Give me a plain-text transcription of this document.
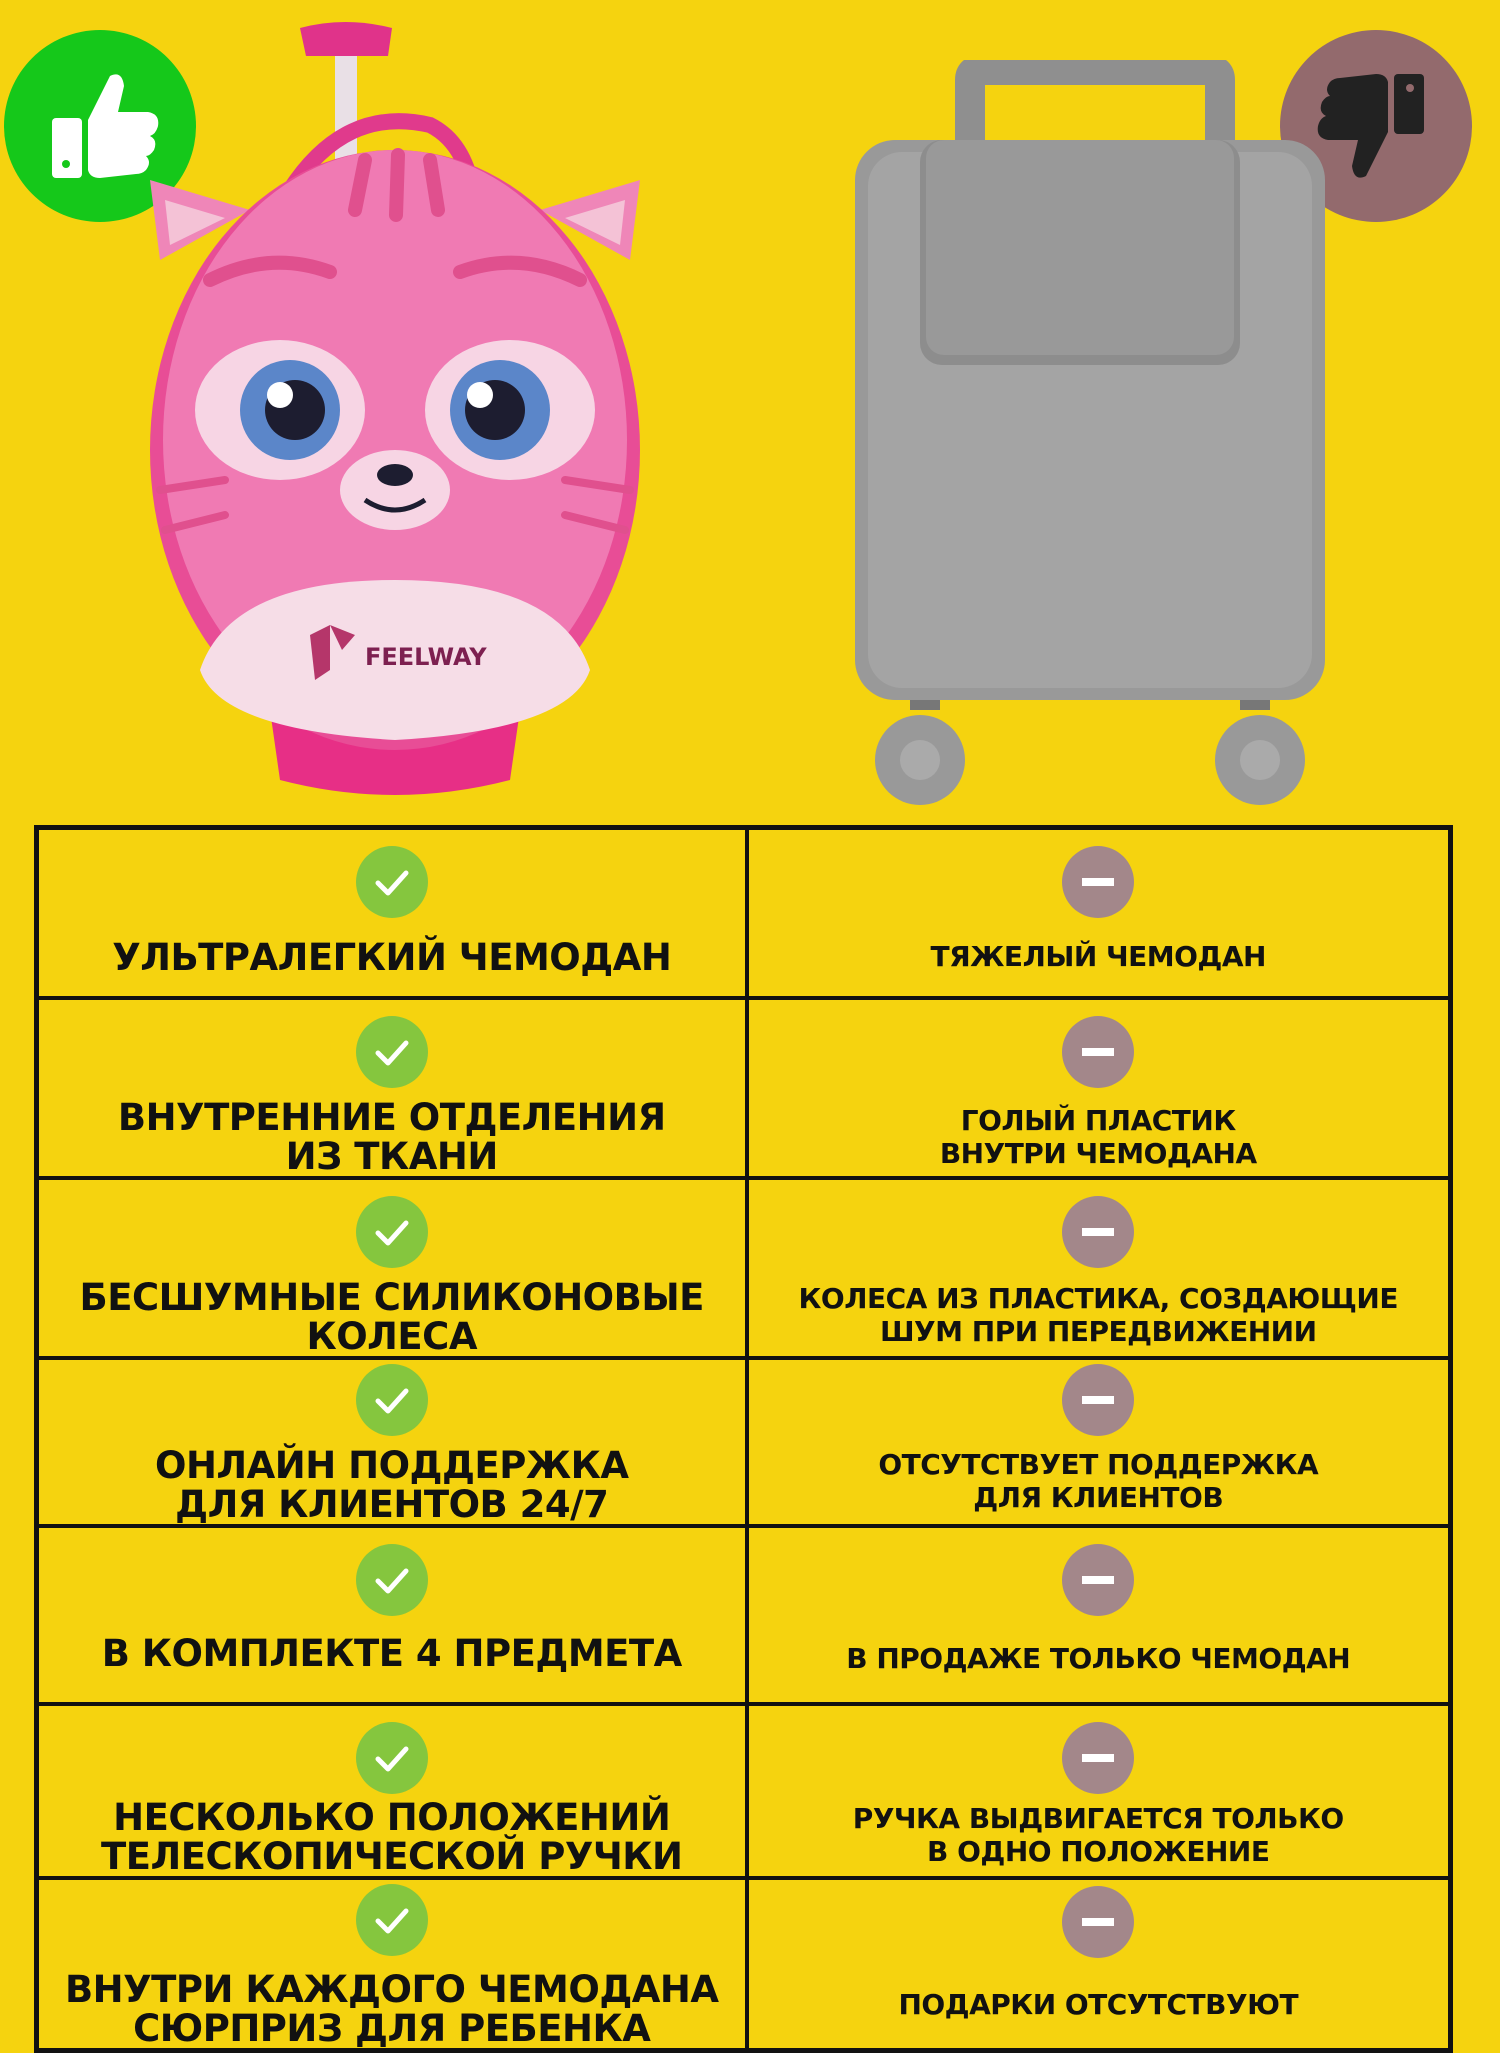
FEELWAY
УЛЬТРАЛЕГКИЙ ЧЕМОДАН	ТЯЖЕЛЫЙ ЧЕМОДАН

ВНУТРЕННИЕ ОТДЕЛЕНИЯ
ИЗ ТКАНИ	ГОЛЫЙ ПЛАСТИК
ВНУТРИ ЧЕМОДАНА

БЕСШУМНЫЕ СИЛИКОНОВЫЕ
КОЛЕСА	КОЛЕСА ИЗ ПЛАСТИКА, СОЗДАЮЩИЕ
ШУМ ПРИ ПЕРЕДВИЖЕНИИ

ОНЛАЙН ПОДДЕРЖКА
ДЛЯ КЛИЕНТОВ 24/7	ОТСУТСТВУЕТ ПОДДЕРЖКА
ДЛЯ КЛИЕНТОВ

В КОМПЛЕКТЕ 4 ПРЕДМЕТА	В ПРОДАЖЕ ТОЛЬКО ЧЕМОДАН

НЕСКОЛЬКО ПОЛОЖЕНИЙ
ТЕЛЕСКОПИЧЕСКОЙ РУЧКИ	РУЧКА ВЫДВИГАЕТСЯ ТОЛЬКО
В ОДНО ПОЛОЖЕНИЕ

ВНУТРИ КАЖДОГО ЧЕМОДАНА
СЮРПРИЗ ДЛЯ РЕБЕНКА	ПОДАРКИ ОТСУТСТВУЮТ
